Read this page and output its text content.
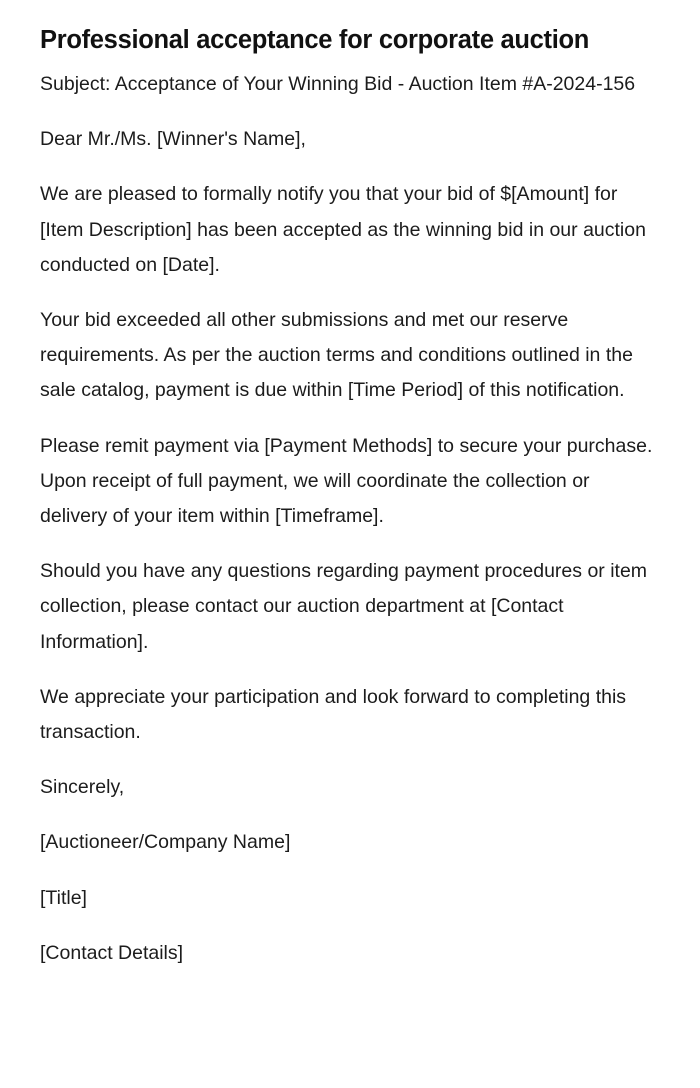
Professional acceptance for corporate auction

Subject: Acceptance of Your Winning Bid - Auction Item #A-2024-156

Dear Mr./Ms. [Winner's Name],

We are pleased to formally notify you that your bid of $[Amount] for [Item Description] has been accepted as the winning bid in our auction conducted on [Date].

Your bid exceeded all other submissions and met our reserve requirements. As per the auction terms and conditions outlined in the sale catalog, payment is due within [Time Period] of this notification.

Please remit payment via [Payment Methods] to secure your purchase. Upon receipt of full payment, we will coordinate the collection or delivery of your item within [Timeframe].

Should you have any questions regarding payment procedures or item collection, please contact our auction department at [Contact Information].

We appreciate your participation and look forward to completing this transaction.

Sincerely,

[Auctioneer/Company Name]

[Title]

[Contact Details]
